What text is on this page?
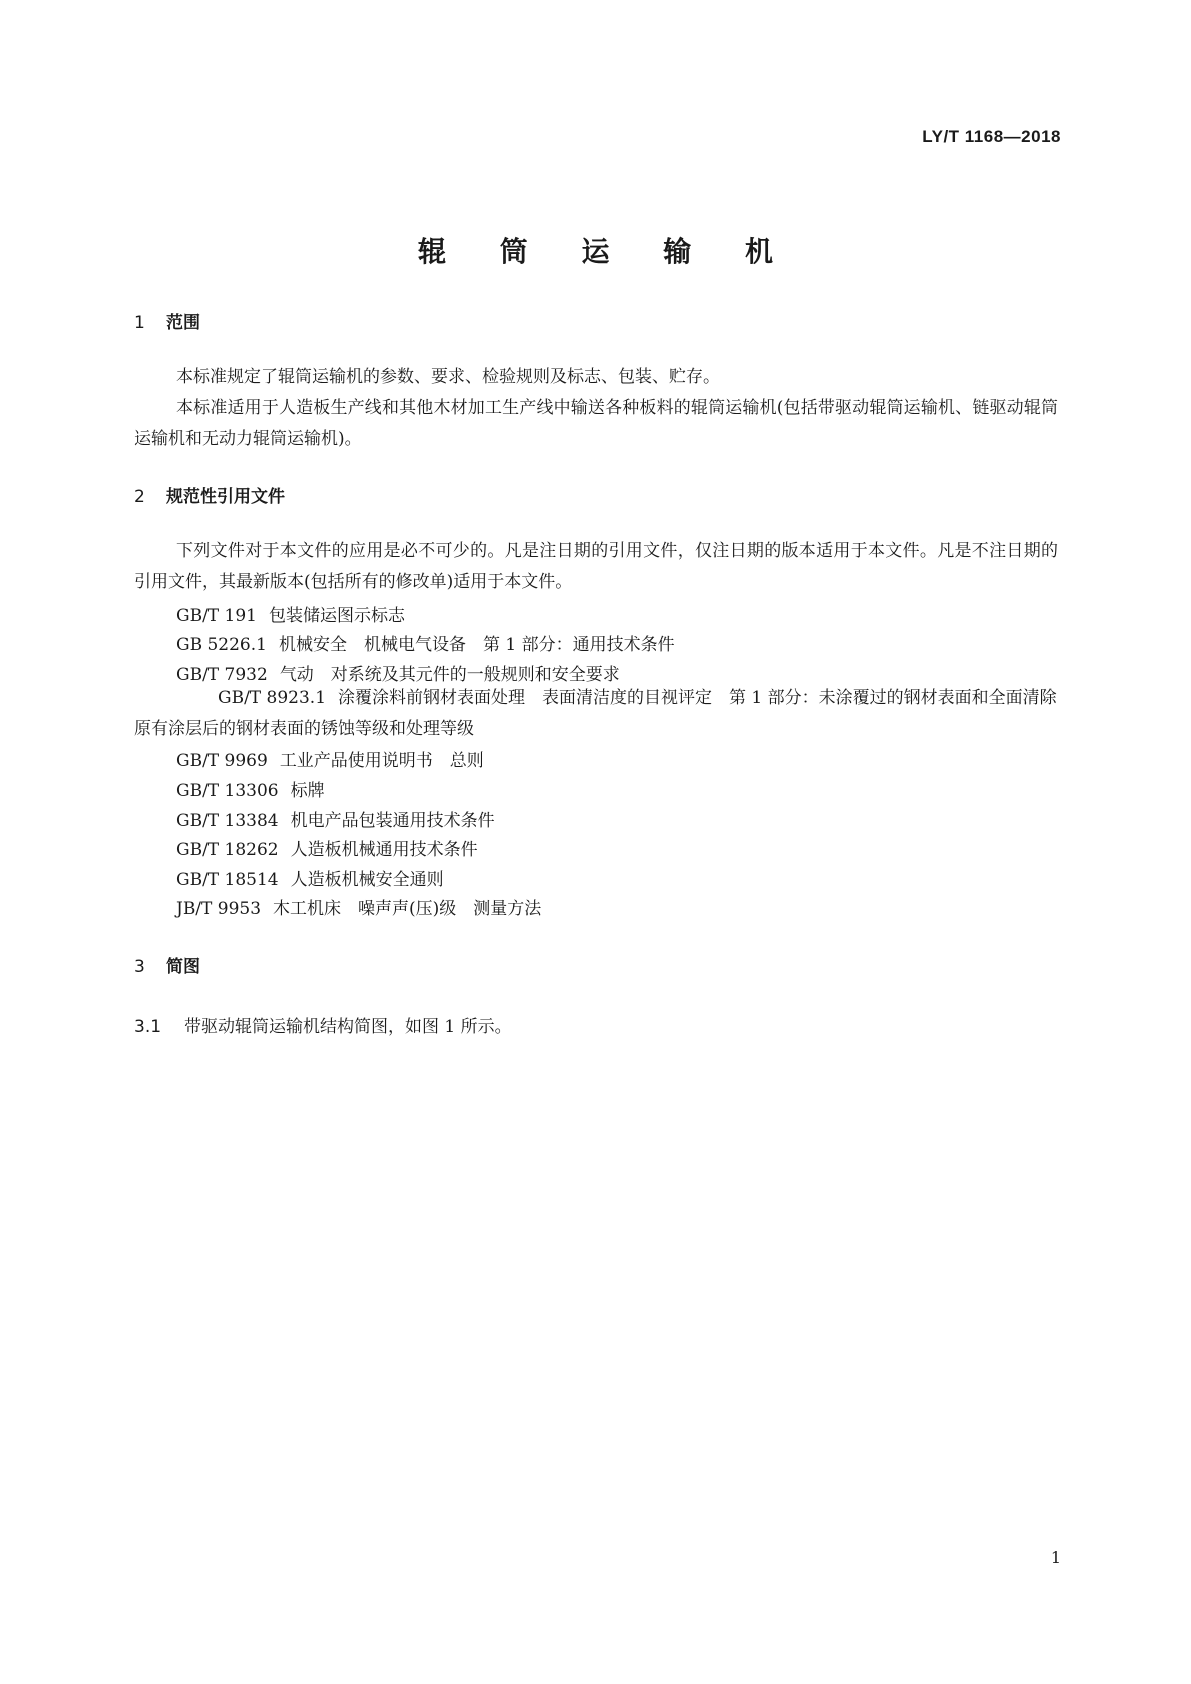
LY/T 1168—2018
辊 筒 运 输 机
1 范围

本标准规定了辊筒运输机的参数、要求、检验规则及标志、包装、贮存。

本标准适用于人造板生产线和其他木材加工生产线中输送各种板料的辊筒运输机(包括带驱动辊筒运输机、链驱动辊筒运输机和无动力辊筒运输机)。

2 规范性引用文件

下列文件对于本文件的应用是必不可少的。凡是注日期的引用文件，仅注日期的版本适用于本文件。凡是不注日期的引用文件，其最新版本(包括所有的修改单)适用于本文件。

GB/T 191 包装储运图示标志
GB 5226.1 机械安全　机械电气设备　第 1 部分：通用技术条件
GB/T 7932 气动　对系统及其元件的一般规则和安全要求

GB/T 8923.1 涂覆涂料前钢材表面处理　表面清洁度的目视评定　第 1 部分：未涂覆过的钢材表面和全面清除原有涂层后的钢材表面的锈蚀等级和处理等级

GB/T 9969 工业产品使用说明书　总则
GB/T 13306 标牌
GB/T 13384 机电产品包装通用技术条件
GB/T 18262 人造板机械通用技术条件
GB/T 18514 人造板机械安全通则
JB/T 9953 木工机床　噪声声(压)级　测量方法
3 简图
3.1 带驱动辊筒运输机结构简图，如图 1 所示。
1
